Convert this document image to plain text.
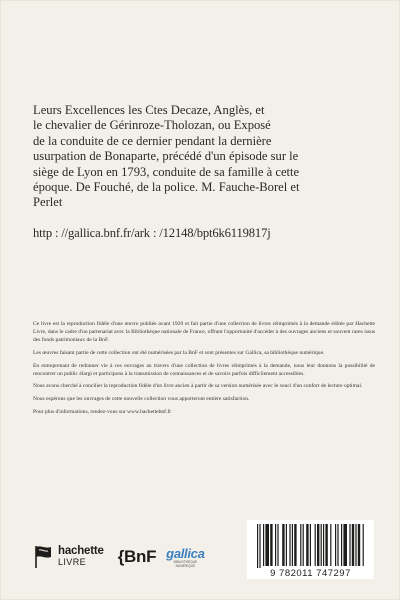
Leurs Excellences les Ctes Decaze, Anglès, et

le chevalier de Gérinroze-Tholozan, ou Exposé

de la conduite de ce dernier pendant la dernière

usurpation de Bonaparte, précédé d'un épisode sur le

siège de Lyon en 1793, conduite de sa famille à cette

époque. De Fouché, de la police. M. Fauche-Borel et

Perlet

http : //gallica.bnf.fr/ark : /12148/bpt6k6119817j

Ce livre est la reproduction fidèle d'une œuvre publiée avant 1920 et fait partie d'une collection de livres réimprimés à la demande éditée par Hachette Livre, dans le cadre d'un partenariat avec la Bibliothèque nationale de France, offrant l'opportunité d'accéder à des ouvrages anciens et souvent rares issus des fonds patrimoniaux de la BnF.

Les œuvres faisant partie de cette collection ont été numérisées par la BnF et sont présentes sur Gallica, sa bibliothèque numérique.

En entreprenant de redonner vie à ces ouvrages au travers d'une collection de livres réimprimés à la demande, nous leur donnons la possibilité de rencontrer un public élargi et participons à la transmission de connaissances et de savoirs parfois difficilement accessibles.

Nous avons cherché à concilier la reproduction fidèle d'un livre ancien à partir de sa version numérisée avec le souci d'un confort de lecture optimal.

Nous espérons que les ouvrages de cette nouvelle collection vous apporteront entière satisfaction.

Pour plus d'informations, rendez-vous sur www.hachettebnf.fr

hachette
LIVRE	{BnF gallica
BIBLIOTHÈQUE NUMÉRIQUE
9 782011 747297
